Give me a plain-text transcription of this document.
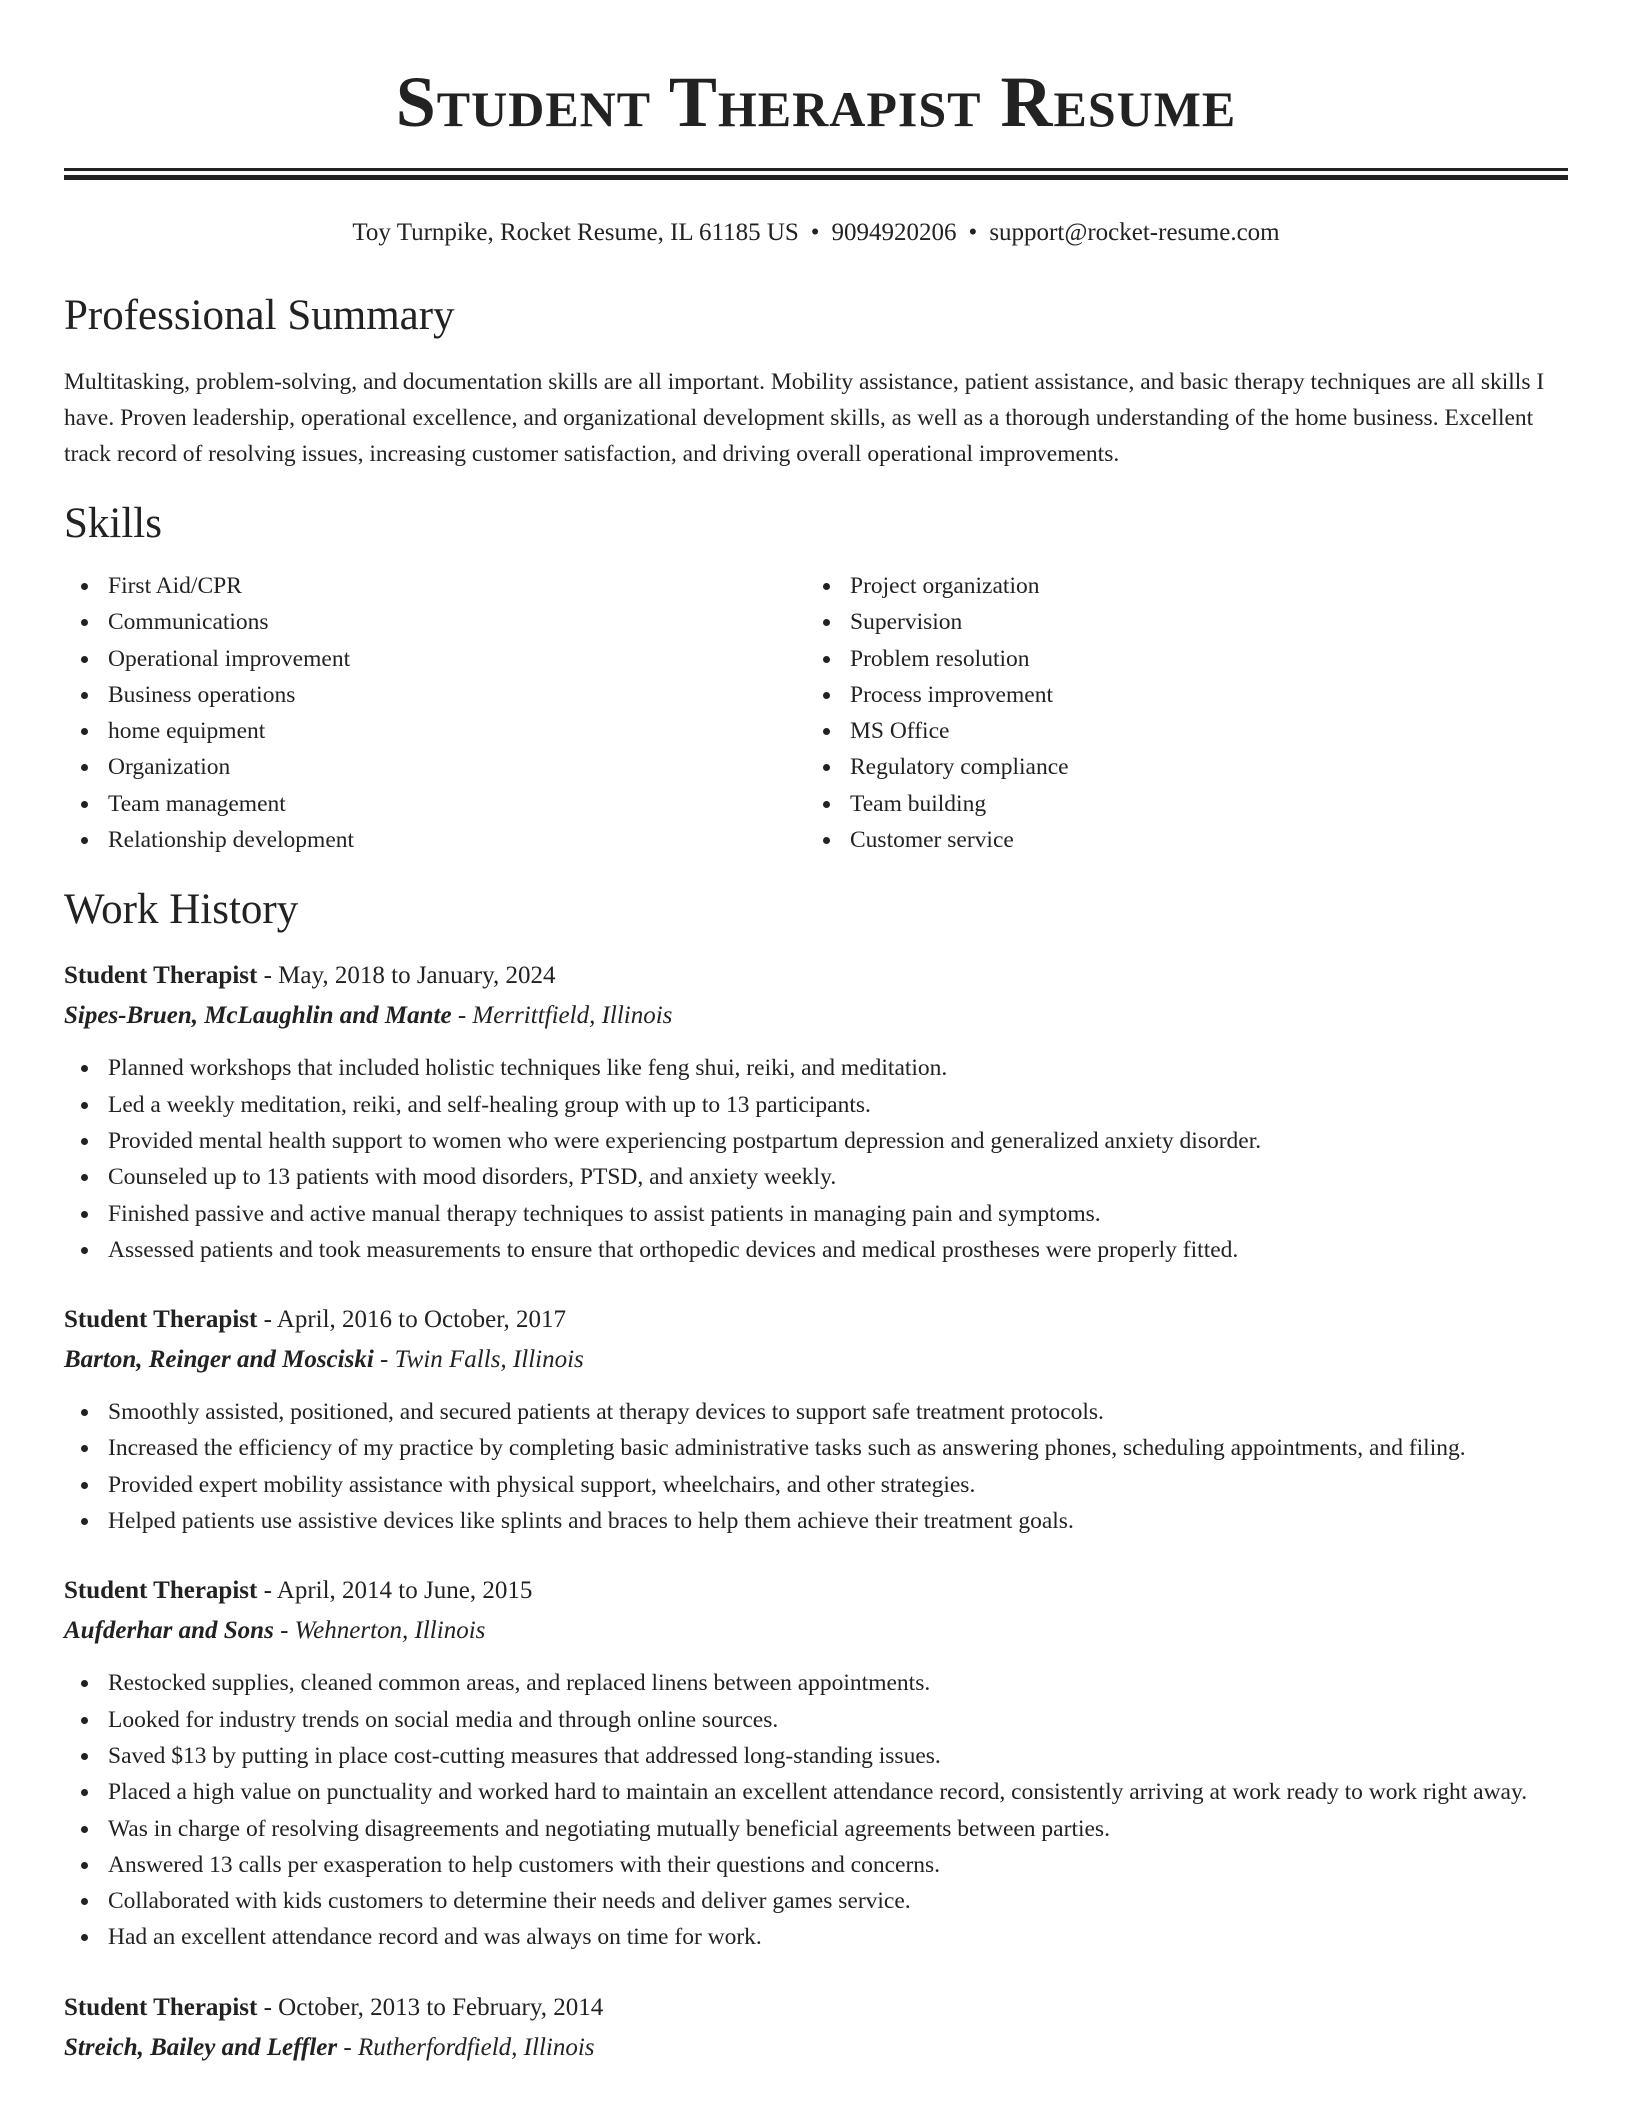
Student Therapist Resume
Toy Turnpike, Rocket Resume, IL 61185 US • 9094920206 • support@rocket-resume.com
Professional Summary

Multitasking, problem-solving, and documentation skills are all important. Mobility assistance, patient assistance, and basic therapy techniques are all skills I have. Proven leadership, operational excellence, and organizational development skills, as well as a thorough understanding of the home business. Excellent track record of resolving issues, increasing customer satisfaction, and driving overall operational improvements.

Skills
First Aid/CPR
Communications
Operational improvement
Business operations
home equipment
Organization
Team management
Relationship development
Project organization
Supervision
Problem resolution
Process improvement
MS Office
Regulatory compliance
Team building
Customer service
Work History
Student Therapist - May, 2018 to January, 2024
Sipes-Bruen, McLaughlin and Mante - Merrittfield, Illinois
Planned workshops that included holistic techniques like feng shui, reiki, and meditation.
Led a weekly meditation, reiki, and self-healing group with up to 13 participants.
Provided mental health support to women who were experiencing postpartum depression and generalized anxiety disorder.
Counseled up to 13 patients with mood disorders, PTSD, and anxiety weekly.
Finished passive and active manual therapy techniques to assist patients in managing pain and symptoms.
Assessed patients and took measurements to ensure that orthopedic devices and medical prostheses were properly fitted.
Student Therapist - April, 2016 to October, 2017
Barton, Reinger and Mosciski - Twin Falls, Illinois
Smoothly assisted, positioned, and secured patients at therapy devices to support safe treatment protocols.
Increased the efficiency of my practice by completing basic administrative tasks such as answering phones, scheduling appointments, and filing.
Provided expert mobility assistance with physical support, wheelchairs, and other strategies.
Helped patients use assistive devices like splints and braces to help them achieve their treatment goals.
Student Therapist - April, 2014 to June, 2015
Aufderhar and Sons - Wehnerton, Illinois
Restocked supplies, cleaned common areas, and replaced linens between appointments.
Looked for industry trends on social media and through online sources.
Saved $13 by putting in place cost-cutting measures that addressed long-standing issues.
Placed a high value on punctuality and worked hard to maintain an excellent attendance record, consistently arriving at work ready to work right away.
Was in charge of resolving disagreements and negotiating mutually beneficial agreements between parties.
Answered 13 calls per exasperation to help customers with their questions and concerns.
Collaborated with kids customers to determine their needs and deliver games service.
Had an excellent attendance record and was always on time for work.
Student Therapist - October, 2013 to February, 2014
Streich, Bailey and Leffler - Rutherfordfield, Illinois
